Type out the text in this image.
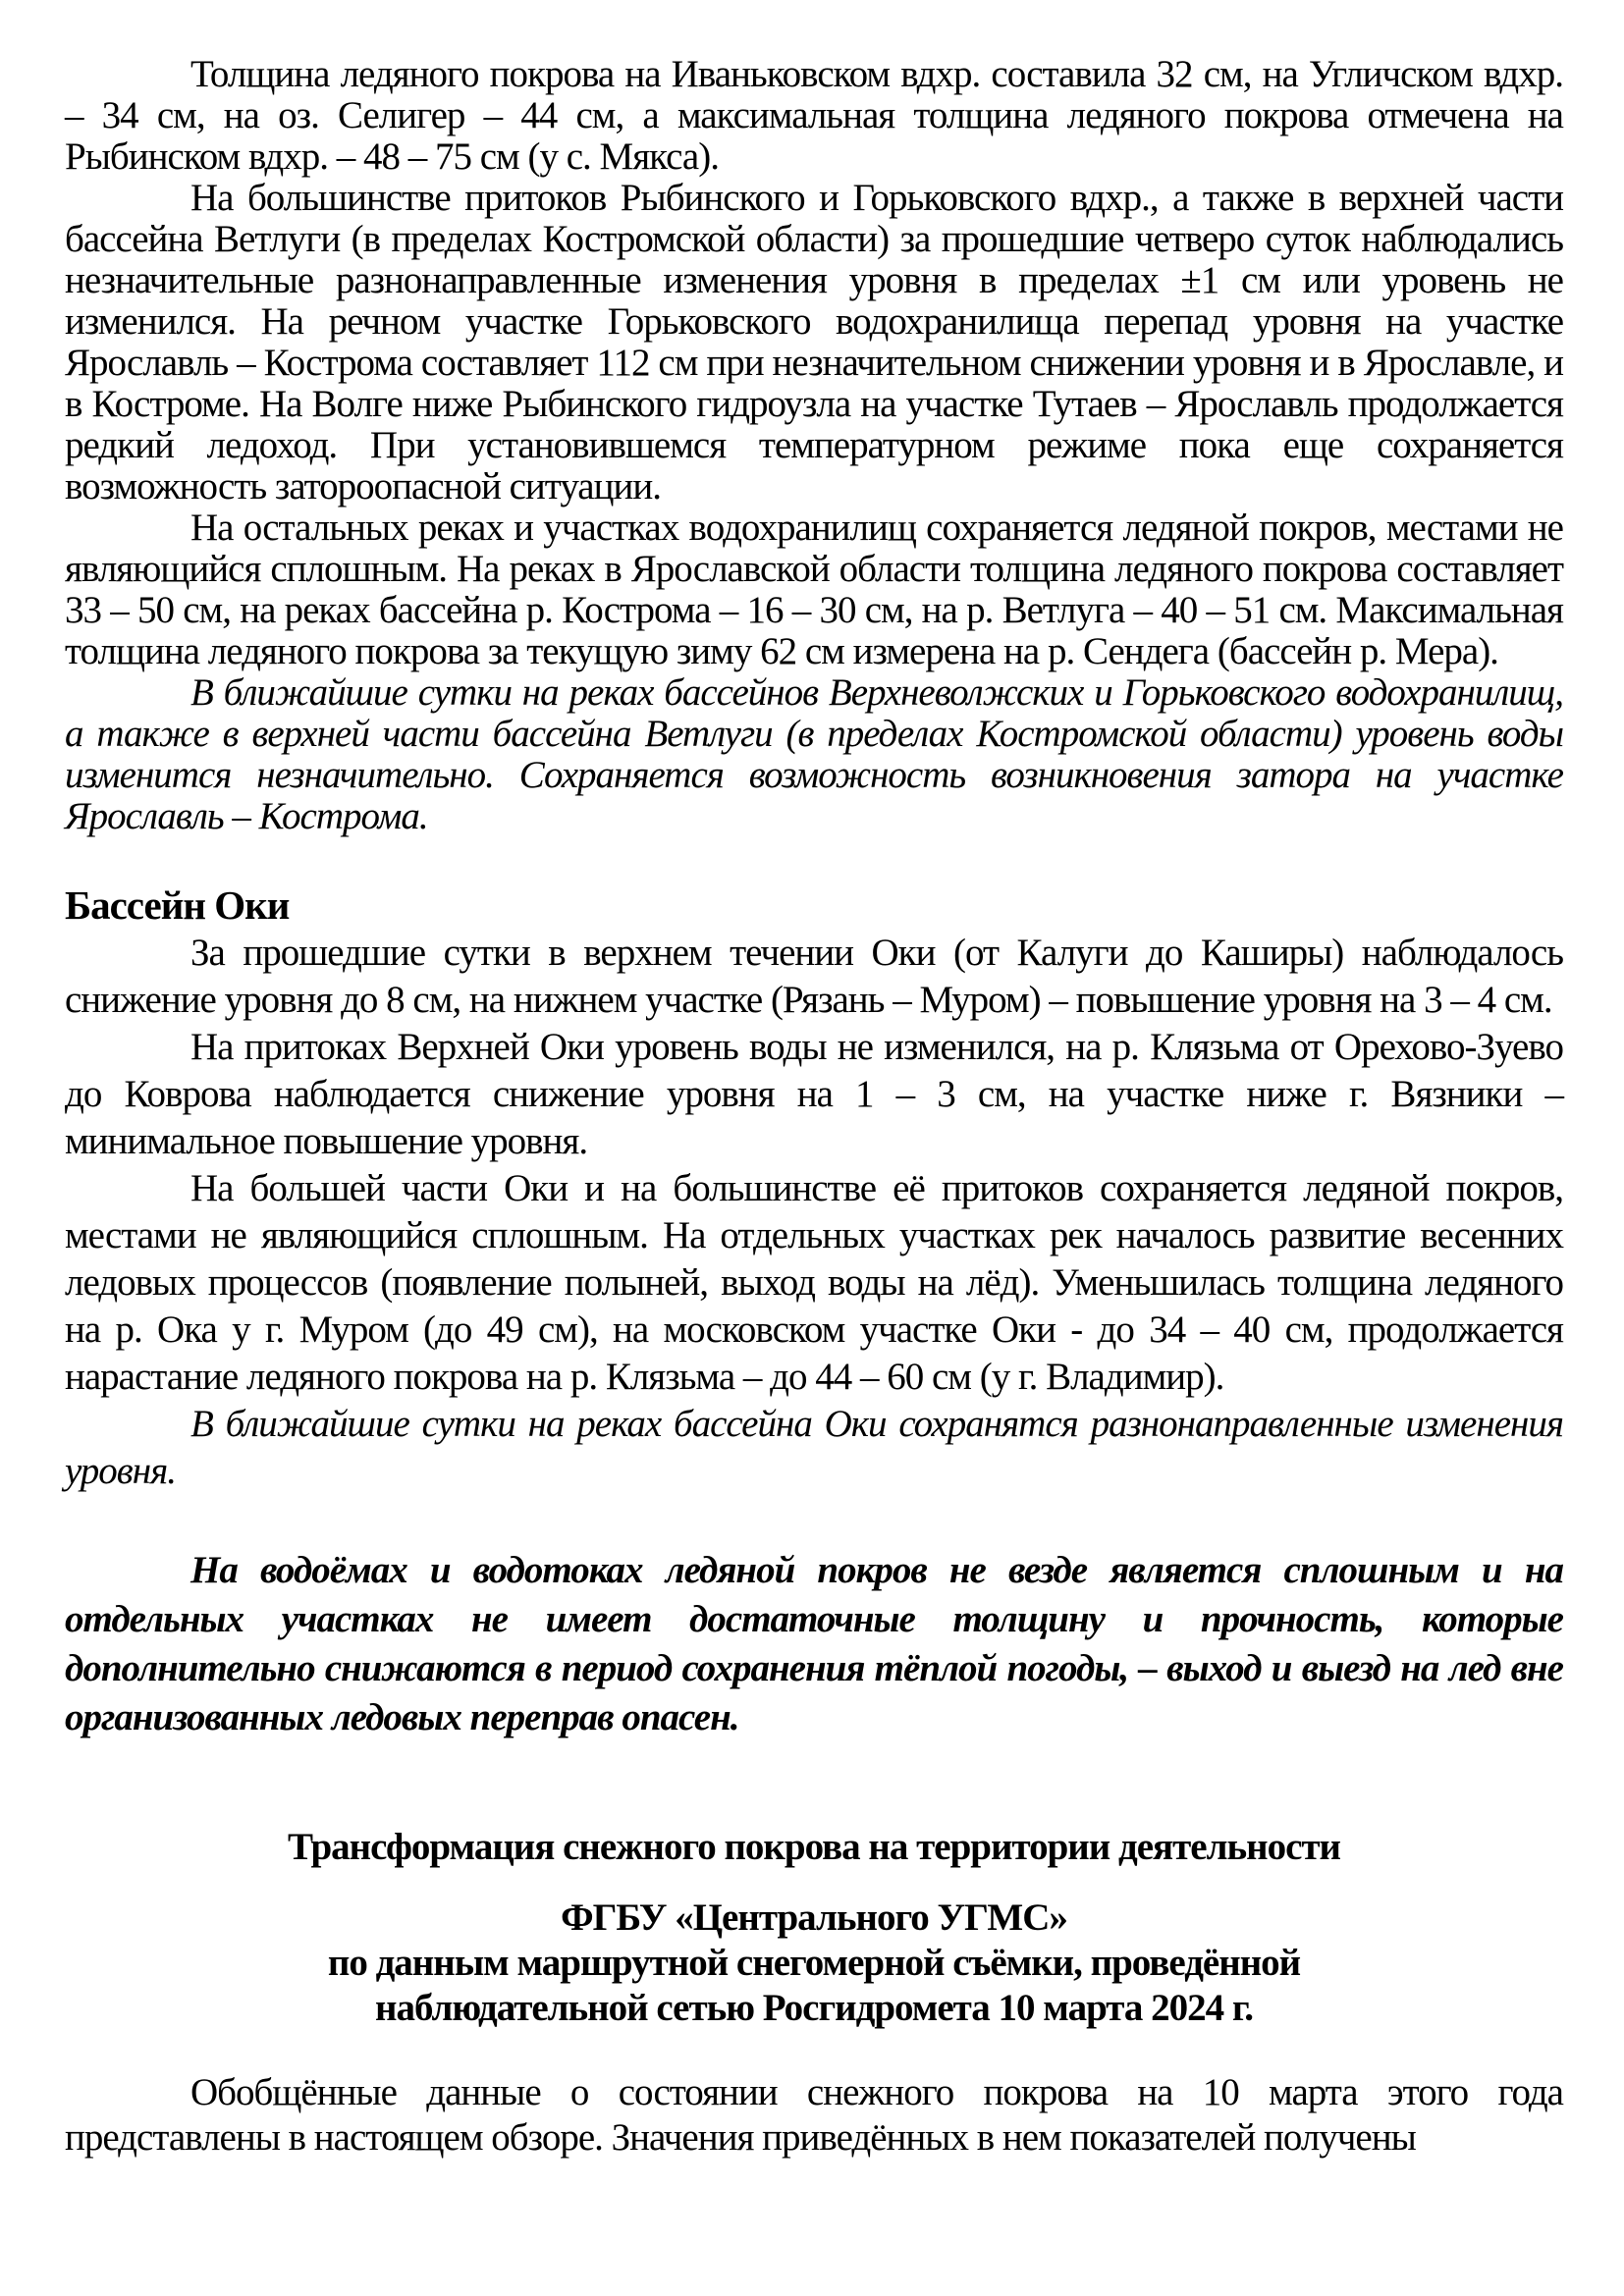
Толщина ледяного покрова на Иваньковском вдхр. составила 32 см, на Угличском вдхр. – 34 см, на оз. Селигер – 44 см, а максимальная толщина ледяного покрова отмечена на Рыбинском вдхр. – 48 – 75 см (у с. Мякса).

На большинстве притоков Рыбинского и Горьковского вдхр., а также в верхней части бассейна Ветлуги (в пределах Костромской области) за прошедшие четверо суток наблюдались незначительные разнонаправленные изменения уровня в пределах ±1 см или уровень не изменился. На речном участке Горьковского водохранилища перепад уровня на участке Ярославль – Кострома составляет 112 см при незначительном снижении уровня и в Ярославле, и в Костроме. На Волге ниже Рыбинского гидроузла на участке Тутаев – Ярославль продолжается редкий ледоход. При установившемся температурном режиме пока еще сохраняется возможность затороопасной ситуации.

На остальных реках и участках водохранилищ сохраняется ледяной покров, местами не являющийся сплошным. На реках в Ярославской области толщина ледяного покрова составляет 33 – 50 см, на реках бассейна р. Кострома – 16 – 30 см, на р. Ветлуга – 40 – 51 см. Максимальная толщина ледяного покрова за текущую зиму 62 см измерена на р. Сендега (бассейн р. Мера).

В ближайшие сутки на реках бассейнов Верхневолжских и Горьковского водохранилищ, а также в верхней части бассейна Ветлуги (в пределах Костромской области) уровень воды изменится незначительно. Сохраняется возможность возникновения затора на участке Ярославль – Кострома.

Бассейн Оки

За прошедшие сутки в верхнем течении Оки (от Калуги до Каширы) наблюдалось снижение уровня до 8 см, на нижнем участке (Рязань – Муром) – повышение уровня на 3 – 4 см.

На притоках Верхней Оки уровень воды не изменился, на р. Клязьма от Орехово-Зуево до Коврова наблюдается снижение уровня на 1 – 3 см, на участке ниже г. Вязники – минимальное повышение уровня.

На большей части Оки и на большинстве её притоков сохраняется ледяной покров, местами не являющийся сплошным. На отдельных участках рек началось развитие весенних ледовых процессов (появление полыней, выход воды на лёд). Уменьшилась толщина ледяного на р. Ока у г. Муром (до 49 см), на московском участке Оки - до 34 – 40 см, продолжается нарастание ледяного покрова на р. Клязьма – до 44 – 60 см (у г. Владимир).

В ближайшие сутки на реках бассейна Оки сохранятся разнонаправленные изменения уровня.

На водоёмах и водотоках ледяной покров не везде является сплошным и на отдельных участках не имеет достаточные толщину и прочность, которые дополнительно снижаются в период сохранения тёплой погоды, – выход и выезд на лед вне организованных ледовых переправ опасен.

Трансформация снежного покрова на территории деятельности

ФГБУ «Центрального УГМС»

по данным маршрутной снегомерной съёмки, проведённой

наблюдательной сетью Росгидромета 10 марта 2024 г.

Обобщённые данные о состоянии снежного покрова на 10 марта этого года представлены в настоящем обзоре. Значения приведённых в нем показателей получены
